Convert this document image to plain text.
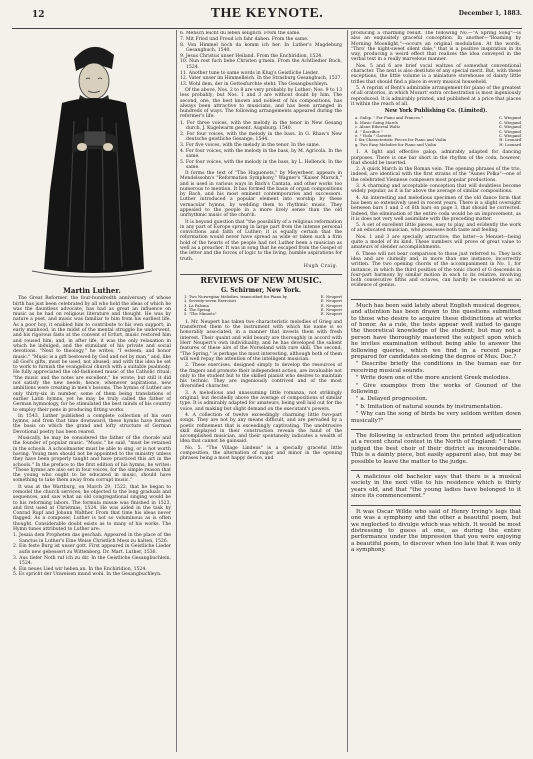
12	THE KEYNOTE.	December 1, 1883.
Martin Luther.

The Great Reformer, the four-hundredth anniversary of whose birth has just been celebrated by all who hold the ideas of which he was the dauntless advocate, has had as great an influence on music as he had on religious literature and thought. He was by nature a poet, and music was familiar to him from his earliest life. As a poor boy, it enabled him to contribute to his own support; in early manhood, in the midst of the mental struggle he underwent, and his rigorous fasts at the convent of Erfurt, music restored him and roused him; and, in after life, it was the only relaxation in which he indulged, and the stimulant of his private and social devotions. "Next to theology," he writes, "I esteem, and honor music." "Music is a gift bestowed by God and not by man," and, like all God's gifts, must be used, not abused; and with this idea he set to work to furnish the evangelical church with a suitable psalmody. He fully appreciated the old-fashioned music of the Catholic ritual; "the music and the notes are excellent," he wrote; but still it did not satisfy the new needs; hence, whenever aspirations, new ambitions were creating in men's bosoms. The hymns of Luther are only thirty-six in number, some of them being translations of earlier Latin hymns, yet he may be truly called the father of German hymnology, for he stimulated the best minds of his country to employ their pens in producing fitting works.

In 1543, Luther published a complete collection of his own hymns, and from that time downward, these hymns have formed the basis on which the grand and lofty structure of German Devotional poetry has been reared.

Musically, he may be considered the father of the chorale and the founder of popular music. "Music," he said, "must be retained in the schools. A schoolmaster must be able to sing, or is not worth having. Young men should not be appointed to the ministry unless they have been properly taught and have practiced this art in the schools." In the preface to the first edition of his hymns, he writes: "These hymns are also set in four voices, for the simple reason that the young who ought to be educated in music, should have something to take them away from corrupt music."

It was at the Wartburg, on March 29, 1522, that he began to remodel the church services; he objected to the long graduals and sequences, and saw what an old congregational singing would be to his reforming labors. The formula missæ was finished in 1523, and first used at Christmas, 1524. He was aided in the task by Conrad Rupf and Johann Walther. From that time his ideas never flagged. As a composer, Luther is not so voluminous as is often thought. Considerable doubt exists as to many of his works. The Hymn tunes attributed to Luther are:

1. Jesaia dem Propheten das geschah. Appeared in the place of the Sanctus in Luther's Eine Weise Christlich Mess zu halten, 1526.

2. Ein feste Burg ist unser gott. First appeared in Geistliche Lieder aufis new gebessert zu Wittenberg. Dr. Mart. Luther, 1536.

3. Aus tiefer Noth ruf ich zu dir. In the Geistliche Gesangbuchlein, 1524.

4. Ein neues Lied wir heben an. In the Enchiridion, 1524.

5. Es spricht der Unweisen mund wohl. In the Gesangbuchleyn.

6. Mensch leicht du leben seliglich. From the same.

7. Mit Fried und Freud ich fahr dahen. From the same.

8. Von Himmel hoch da komm ich her. In Luther's Magdeburg Gesangbuch, 1540.

9. Jesus Christus unser Heiland. From the Enchiridion, 1524.

10. Nun rest fuch liebe Christen g'mein. From the Achtliedier Buch, 1524.

11. Another tune to same words in Klug's Geistliche Lieder.

12. Vater unser im Himmelleich. In the Strasburg Gesangbuch, 1537.

13. Wohl dem, der in Gottesfurchte steht. The Gesangbuchleyn.

Of the above, Nos. 2 to 8 are very probably by Luther; Nos. 9 to 13 less probably; but Nos. 1 and 3 are without doubt by him. The second, one, the best known and noblest of his compositions, has always been attractive to musicians, and has been arranged in hundreds of ways. The following arrangements appeared during the reformer's life:

1. For three voices, with the melody in the tenor in New Gesang durch, J. Kugelwarm gesent. Augsburg. 1540.

2. For four voices, with the melody in the bass. In G. Rhaw's New deutsche geistliche Gesange, 1544.

3. For five voices, with the melody in the tenor. In the same.

4. For four voices, with the melody in the bass, by M. Agricola. In the same.

5. For four voices, with the melody in the bass, by L. Hellenck. In the same.

It forms the text of "The Huguenots," by Meyerbeer, appears in Mendelssohn's "Reformation Symphony," Wagner's "Kaiser Marsch," and is used in various ways in Bach's Cantata, and other works too numerous to mention. It has formed the basis of organ compositions by Bach, and his most eminent contemporaries and successors. Luther introduced a popular element into worship by these vernacular hymns, by wedding them to rhythmic music. They appealed to the people in a more lively sense than the old unrhythmic music of the church.

It is beyond question that "the possibility of a religious reformation in any part of Europe sprung in large part from the intense personal convictions and faith of Luther; it is equally certain that the reformation would never have spread as wide or taken such a firm hold of the hearts of the people had not Luther been a musician as well as a preacher. It was in song that he escaped from the Gospel of the letter and the forces of logic to the living, humble aspirations for truth.

Hugh Craig.
REVIEWS OF NEW MUSIC.
G. Schirmer, New York.
1. Two Norwegian Melodies, transcribed for Piano by	E. Neupert
2. Seventy-seven Exercises	E. Neupert
3. La Paloma	E. Neupert
4. The Spring	E. Neupert
5. "The Minuets"	E. Neupert

1. Mr. Neupert has taken two characteristic melodies of Grieg and transferred them to the instrument with which his name is so honorably associated, in a manner that invests them with fresh interest. Their quaint and wild beauty are thoroughly in accord with Herr Neupert's own individuality, and he has developed the salient features of these airs of the Norseland with rare skill. The second, "The Spring," is perhaps the most interesting, although both of them will well repay the attention of the intelligent musician.

2. These exercises, designed simply to develop the resources of the fingers and promote their independent action, are invaluable not only to the student but to the skilled pianist who desires to maintain his technic. They are ingeniously contrived and of the most diversified character.

3. A melodious and unassuming little romanza, not strikingly original, but decidedly above the average of compositions of similar type. It is admirably adapted for amateurs, being well laid out for the voice, and making but slight demand on the executant's powers.

4. A collection of twelve exceedingly charming little two-part songs. They are not by any means difficult, and are pervaded by a poetic refinement that is exceedingly captivating. The unobtrusive skill displayed in their construction reveals the hand of the accomplished musician, and their spontaneity indicates a wealth of idea that cannot be gainsaid.

No. 5. "The Village Lindens" is a specially graceful little composition, the alternation of major and minor in the opening phrases being a most happy device, and

producing a charming result. The following No.—"A Spring Song"—is also an exquisitely graceful conception. In another—"Roaming by Morning Moonlight,"—occurs an original modulation. At the words, "Thro' the night-sweet silent dale," that is a positive inspiration in its way, producing a weird effect that realizes the idea conveyed in the verbal text in a really marvelous manner.

Nos. 5 and 6 are brief vocal waltzes of somewhat conventional character. The next is also destitute of any special merit. But, with these exceptions, the little volume is a miniature storehouse of dainty little trifles that should find a place in every musical household.

5. A reprint of Bent's admirable arrangement for piano of the greatest of all oratorios, in which Mozart' extra orchestration is most ingeniously reproduced. It is admirably printed, and published at a price that places it within the reach of all.

New York Publishing Co. (Limited).
a. Galop. " For Piano and Frances."	C. Wiegand
b. Music Going March	C. Wiegand
c. Alone Ethereal Waltz	C. Wiegand
d. " Sacrifice "	C. Wiegand
e. " Viola " Gavotte	C. Wiegand
f. Six Characteristic Pieces for Piano and Violin	H. Leonard
g. Two Easy Melodies for Piano and Violin	H. Leonard

1. A light and effective galop, admirably adapted for dancing purposes. There is one bar short in the rhythm of the coda, however, that should be inserted.

2. A quick March in the Roman vein. The opening phrases of the trio, indeed, are identical with the first strains of the "Aunes Polka"—one of the celebrated Viennese composers most popular productions.

3. A charming and acceptable conception that will doubtless become widely popular, as it is far above the average of similar compositions.

4. An interesting and melodious specimen of the old dance form that has been so extensively used in recent years. There is a slight oversight between bars 1 and 2 of 6th bars on page 3, that should be corrected. Indeed, the elimination of the entire coda would be an improvement, as it is does not very well assimilate with the preceding matter.

5. A set of excellent little pieces, easy to play, and evidently the work of an educated musician, who possesses both taste and feeling.

Nos. 1 and 3 are specially attractive; the latter—a Menuet—being quite a model of its kind. These numbers will prove of great value to amateurs of slender accomplishments.

6. These will not bear comparison to those just referred to. They lack idea and are clumsily and, in more than one instance, incorrectly written. The two opening chords of the accompaniment in No. 1, for instance, in which the third position of the tonic chord of G descends in four-part harmony by similar motion in each to its relative, involving both consecutive fifths and octaves, can hardly be considered as an evidence of genius.

Much has been said lately about English musical degrees, and attention has been drawn to the questions submitted to those who desire to acquire these distinctions at works of honor. As a rule, the tests appear well suited to gauge the theoretical knowledge of the student; but may not a person have thoroughly mastered the subject upon which he invites examination without being able to answer the following queries, which we find in a recent paper prepared for candidates seeking the degree of Mus. Doc.?

" Describe briefly the conditions in the human ear for receiving musical sounds.

" Write down one of the more ancient Greek melodies.

" Give examples from the works of Gounod of the following:

" a. Delayed progression.

" b. Imitation of natural sounds by instrumentation.

" Why can the song of birds be very seldom written down musically?"

The following is extracted from the printed adjudication at a recent choral contest in the North of England: " I have judged the best choir of their district as inconsiderable. This is a dainty piece, but easily apparent also, but may be possible to leave the matter to the judge.

A malicious old bachelor says that there is a musical society in the next ville to his residence which is thirty years old, and that "the young ladies have belonged to it since its commencement."

It was Oscar Wilde who said of Henry Irving's legs that one was a symphony and the other a beautiful poem, but we neglected to divulge which was which. It would be most distressing to guess at one, as during the entire performance under the impression that you were enjoying a beautiful poem, to discover when too late that it was only a symphony.
